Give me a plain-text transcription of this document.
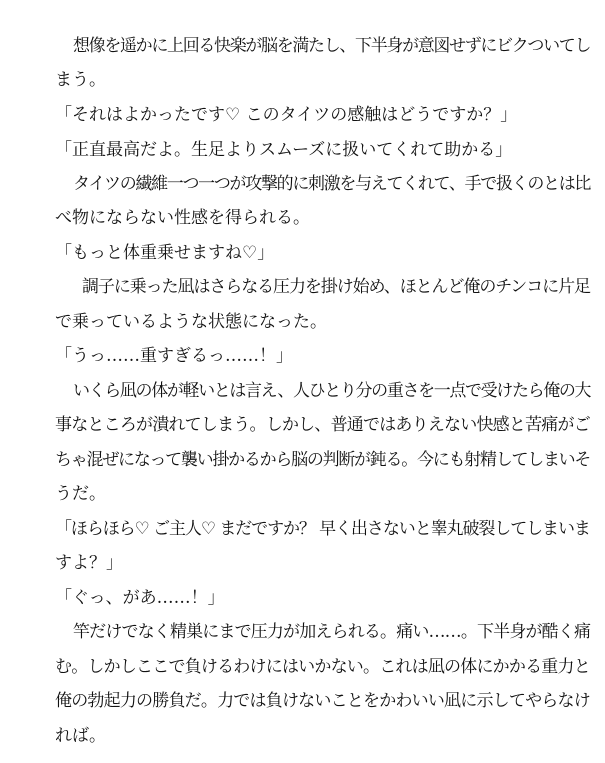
想像を遥かに上回る快楽が脳を満たし、下半身が意図せずにビクついてし
まう。
「それはよかったです♡ このタイツの感触はどうですか？」
「正直最高だよ。生足よりスムーズに扱いてくれて助かる」
タイツの繊維一つ一つが攻撃的に刺激を与えてくれて、手で扱くのとは比
べ物にならない性感を得られる。
「もっと体重乗せますね♡」
調子に乗った凪はさらなる圧力を掛け始め、ほとんど俺のチンコに片足
で乗っているような状態になった。
「うっ……重すぎるっ……！」
いくら凪の体が軽いとは言え、人ひとり分の重さを一点で受けたら俺の大
事なところが潰れてしまう。しかし、普通ではありえない快感と苦痛がご
ちゃ混ぜになって襲い掛かるから脳の判断が鈍る。今にも射精してしまいそ
うだ。
「ほらほら♡ ご主人♡ まだですか？ 早く出さないと睾丸破裂してしまいま
すよ？」
「ぐっ、があ……！」
竿だけでなく精巣にまで圧力が加えられる。痛い……。下半身が酷く痛
む。しかしここで負けるわけにはいかない。これは凪の体にかかる重力と
俺の勃起力の勝負だ。力では負けないことをかわいい凪に示してやらなけ
れば。
